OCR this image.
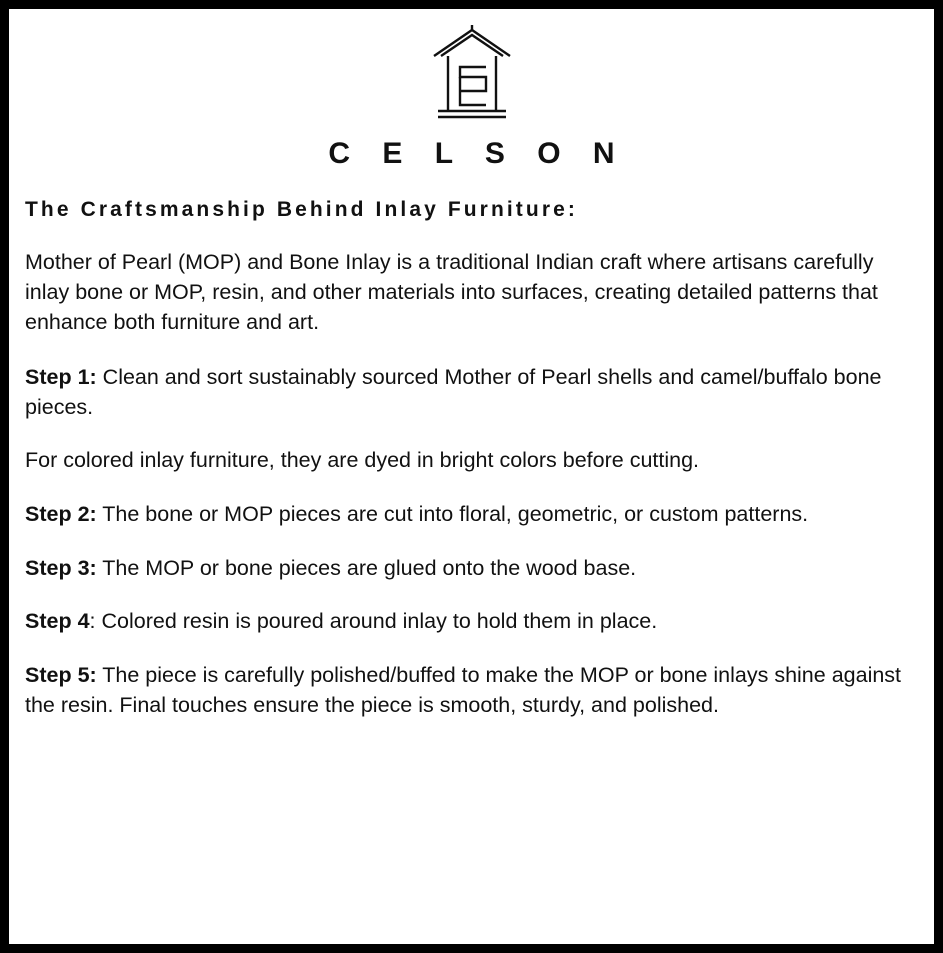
C E L S O N
The Craftsmanship Behind Inlay Furniture:

Mother of Pearl (MOP) and Bone Inlay is a traditional Indian craft where artisans carefully inlay bone or MOP, resin, and other materials into surfaces, creating detailed patterns that enhance both furniture and art.

Step 1: Clean and sort sustainably sourced Mother of Pearl shells and camel/buffalo bone pieces.

For colored inlay furniture, they are dyed in bright colors before cutting.

Step 2: The bone or MOP pieces are cut into floral, geometric, or custom patterns.

Step 3: The MOP or bone pieces are glued onto the wood base.

Step 4: Colored resin is poured around inlay to hold them in place.

Step 5: The piece is carefully polished/buffed to make the MOP or bone inlays shine against the resin. Final touches ensure the piece is smooth, sturdy, and polished.
